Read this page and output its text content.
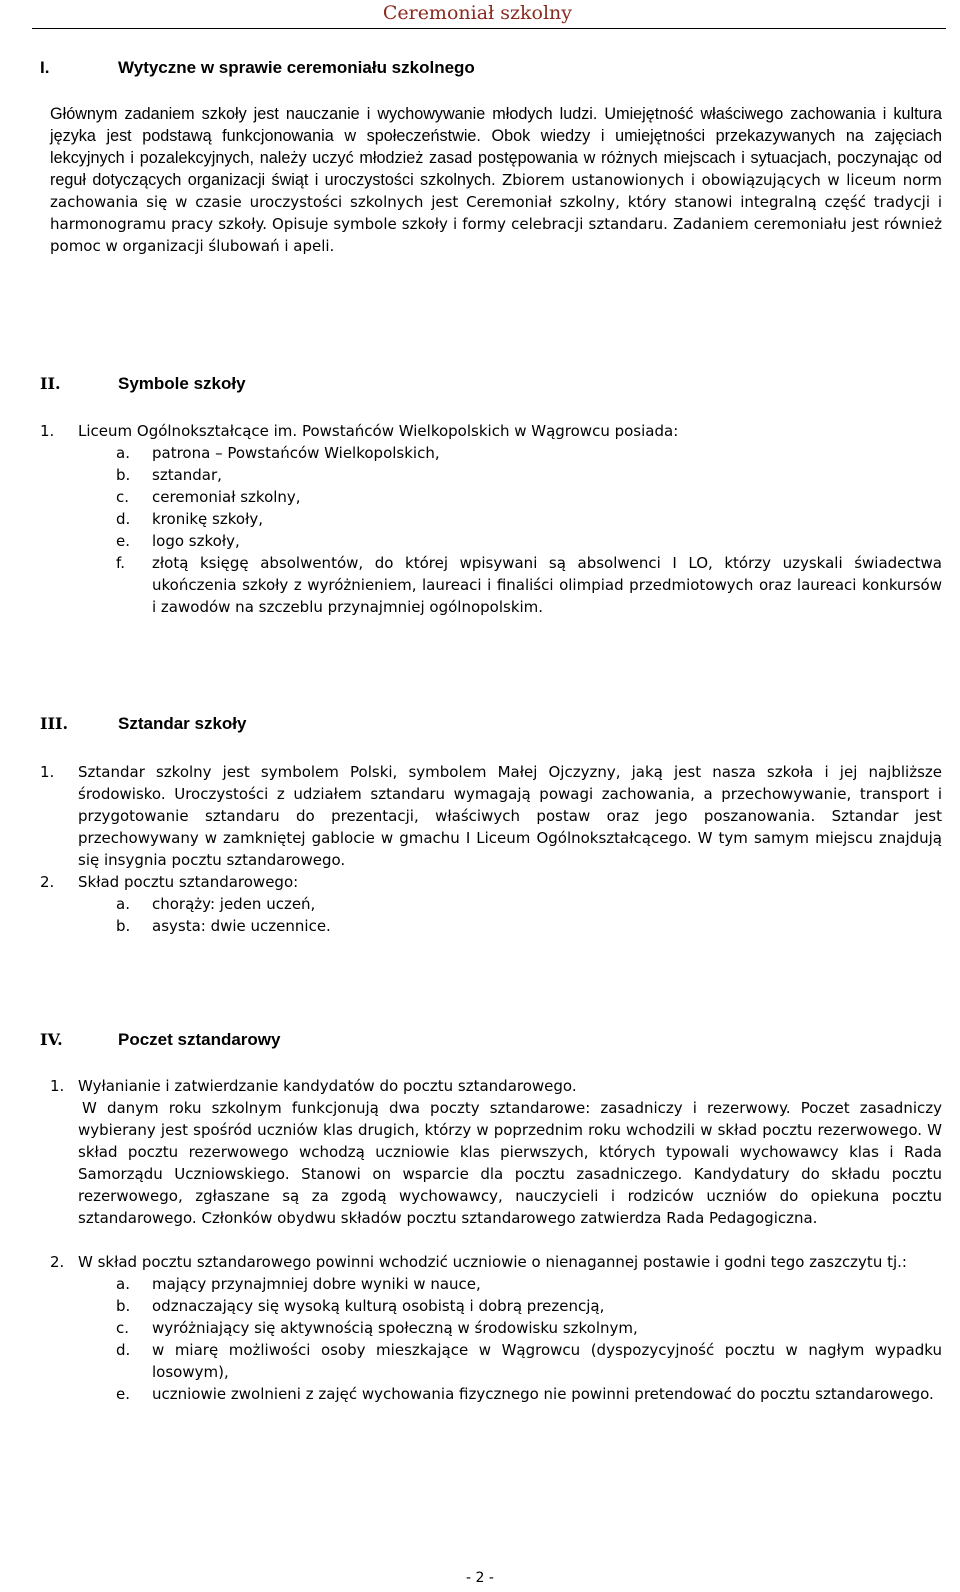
Ceremoniał szkolny
I.	Wytyczne w sprawie ceremoniału szkolnego
Głównym zadaniem szkoły jest nauczanie i wychowywanie młodych ludzi. Umiejętność właściwego zachowania i kultura języka jest podstawą funkcjonowania w społeczeństwie. Obok wiedzy i umiejętności przekazywanych na zajęciach lekcyjnych i pozalekcyjnych, należy uczyć młodzież zasad postępowania w różnych miejscach i sytuacjach, poczynając od reguł dotyczących organizacji świąt i uroczystości szkolnych. Zbiorem ustanowionych i obowiązujących w liceum norm zachowania się w czasie uroczystości szkolnych jest Ceremoniał szkolny, który stanowi integralną część tradycji i harmonogramu pracy szkoły. Opisuje symbole szkoły i formy celebracji sztandaru. Zadaniem ceremoniału jest również pomoc w organizacji ślubowań i apeli.
II.	Symbole szkoły
1. Liceum Ogólnokształcące im. Powstańców Wielkopolskich w Wągrowcu posiada:
a. patrona – Powstańców Wielkopolskich,
b. sztandar,
c. ceremoniał szkolny,
d. kronikę szkoły,
e. logo szkoły,
f. złotą księgę absolwentów, do której wpisywani są absolwenci I LO, którzy uzyskali świadectwa ukończenia szkoły z wyróżnieniem, laureaci i finaliści olimpiad przedmiotowych oraz laureaci konkursów i zawodów na szczeblu przynajmniej ogólnopolskim.
III.	Sztandar szkoły
1. Sztandar szkolny jest symbolem Polski, symbolem Małej Ojczyzny, jaką jest nasza szkoła i jej najbliższe środowisko. Uroczystości z udziałem sztandaru wymagają powagi zachowania, a przechowywanie, transport i przygotowanie sztandaru do prezentacji, właściwych postaw oraz jego poszanowania. Sztandar jest przechowywany w zamkniętej gablocie w gmachu I Liceum Ogólnokształcącego. W tym samym miejscu znajdują się insygnia pocztu sztandarowego.
2. Skład pocztu sztandarowego:
a. chorąży: jeden uczeń,
b. asysta: dwie uczennice.
IV.	Poczet sztandarowy
1. Wyłanianie i zatwierdzanie kandydatów do pocztu sztandarowego.
W danym roku szkolnym funkcjonują dwa poczty sztandarowe: zasadniczy i rezerwowy. Poczet zasadniczy wybierany jest spośród uczniów klas drugich, którzy w poprzednim roku wchodzili w skład pocztu rezerwowego. W skład pocztu rezerwowego wchodzą uczniowie klas pierwszych, których typowali wychowawcy klas i Rada Samorządu Uczniowskiego. Stanowi on wsparcie dla pocztu zasadniczego. Kandydatury do składu pocztu rezerwowego, zgłaszane są za zgodą wychowawcy, nauczycieli i rodziców uczniów do opiekuna pocztu sztandarowego. Członków obydwu składów pocztu sztandarowego zatwierdza Rada Pedagogiczna.
2. W skład pocztu sztandarowego powinni wchodzić uczniowie o nienagannej postawie i godni tego zaszczytu tj.:
a. mający przynajmniej dobre wyniki w nauce,
b. odznaczający się wysoką kulturą osobistą i dobrą prezencją,
c. wyróżniający się aktywnością społeczną w środowisku szkolnym,
d. w miarę możliwości osoby mieszkające w Wągrowcu (dyspozycyjność pocztu w nagłym wypadku losowym),
e. uczniowie zwolnieni z zajęć wychowania fizycznego nie powinni pretendować do pocztu sztandarowego.
- 2 -
